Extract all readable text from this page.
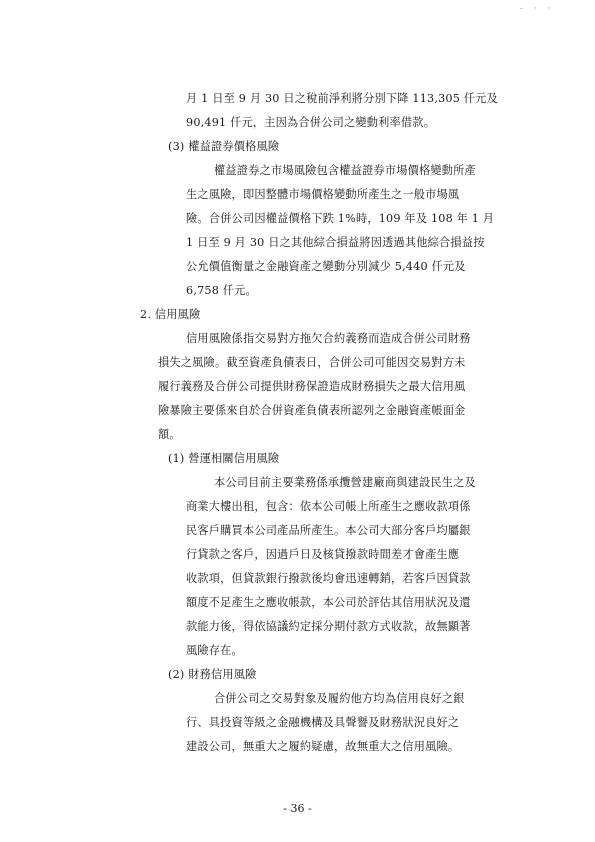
- · ·
月 1 日至 9 月 30 日之稅前淨利將分別下降 113,305 仟元及
90,491 仟元，主因為合併公司之變動利率借款。
(3) 權益證券價格風險
權益證券之市場風險包含權益證券市場價格變動所產
生之風險，即因整體市場價格變動所產生之一般市場風
險。合併公司因權益價格下跌 1%時，109 年及 108 年 1 月
1 日至 9 月 30 日之其他綜合損益將因透過其他綜合損益按
公允價值衡量之金融資產之變動分別減少 5,440 仟元及
6,758 仟元。
2. 信用風險
信用風險係指交易對方拖欠合約義務而造成合併公司財務
損失之風險。截至資產負債表日，合併公司可能因交易對方未
履行義務及合併公司提供財務保證造成財務損失之最大信用風
險暴險主要係來自於合併資產負債表所認列之金融資產帳面金
額。
(1) 營運相關信用風險
本公司目前主要業務係承攬營建廠商與建設民生之及
商業大樓出租，包含：依本公司帳上所產生之應收款項係
民客戶購買本公司產品所產生。本公司大部分客戶均屬銀
行貸款之客戶，因過戶日及核貸撥款時間差才會產生應
收款項，但貸款銀行撥款後均會迅速轉銷，若客戶因貸款
額度不足產生之應收帳款，本公司於評估其信用狀況及還
款能力後，得依協議約定採分期付款方式收款，故無顯著
風險存在。
(2) 財務信用風險
合併公司之交易對象及履約他方均為信用良好之銀
行、具投資等級之金融機構及具聲譽及財務狀況良好之
建設公司，無重大之履約疑慮，故無重大之信用風險。
- 36 -
